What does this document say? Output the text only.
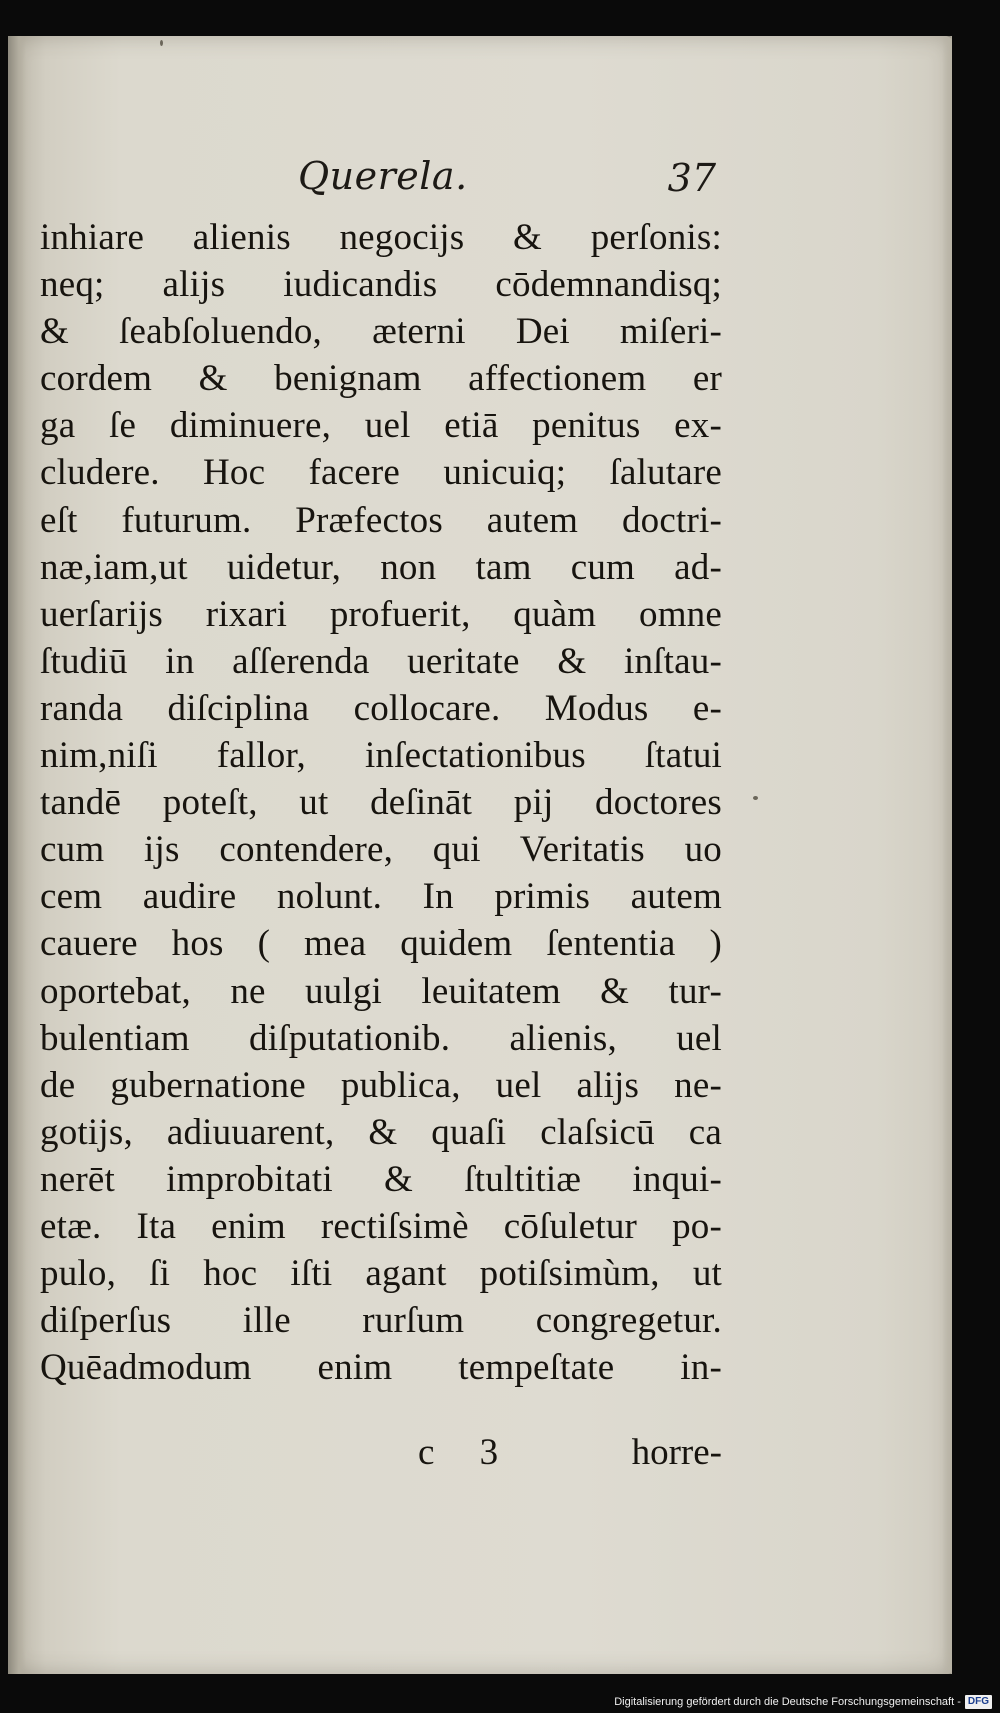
Querela.	37
inhiare alienis negocijs & perſonis:
neq; alijs iudicandis cōdemnandisq;
& ſeabſoluendo, æterni Dei miſeri-
cordem & benignam affectionem er
ga ſe diminuere, uel etiā penitus ex-
cludere. Hoc facere unicuiq; ſalutare
eſt futurum. Præfectos autem doctri-
næ,iam,ut uidetur, non tam cum ad-
uerſarijs rixari profuerit, quàm omne
ſtudiū in aſſerenda ueritate & inſtau-
randa diſciplina collocare. Modus e-
nim,niſi fallor, inſectationibus ſtatui
tandē poteſt, ut deſināt pij doctores
cum ijs contendere, qui Veritatis uo
cem audire nolunt. In primis autem
cauere hos ( mea quidem ſententia )
oportebat, ne uulgi leuitatem & tur-
bulentiam diſputationib. alienis, uel
de gubernatione publica, uel alijs ne-
gotijs, adiuuarent, & quaſi claſsicū ca
nerēt improbitati & ſtultitiæ inqui-
etæ. Ita enim rectiſsimè cōſuletur po-
pulo, ſi hoc iſti agant potiſsimùm, ut
diſperſus ille rurſum congregetur.
Quēadmodum enim tempeſtate in-
c 3	horre-
Digitalisierung gefördert durch die Deutsche Forschungsgemeinschaft - DFG
